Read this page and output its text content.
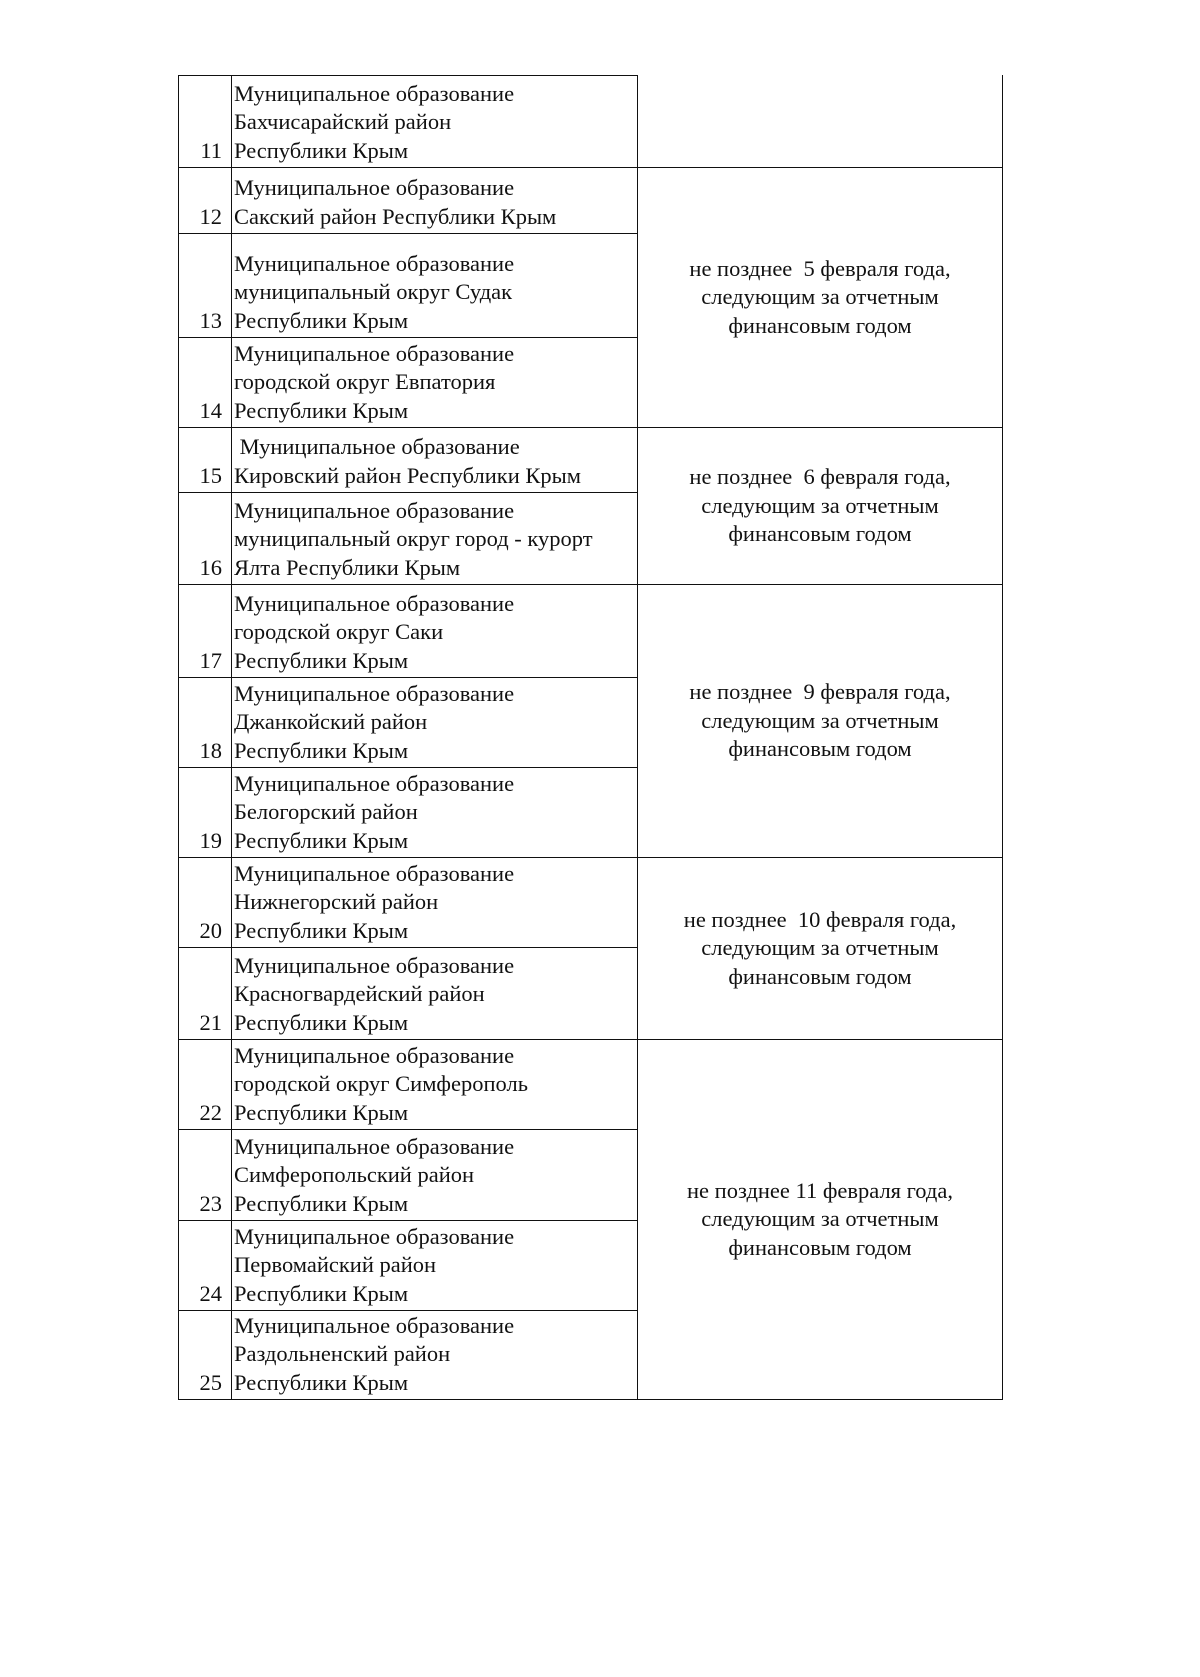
11
Муниципальное образование
Бахчисарайский район
Республики Крым
12
Муниципальное образование
Сакский район Республики Крым
13
Муниципальное образование
муниципальный округ Судак
Республики Крым
14
Муниципальное образование
городской округ Евпатория
Республики Крым
15
Муниципальное образование
Кировский район Республики Крым
16
Муниципальное образование
муниципальный округ город - курорт
Ялта Республики Крым
17
Муниципальное образование
городской округ Саки
Республики Крым
18
Муниципальное образование
Джанкойский район
Республики Крым
19
Муниципальное образование
Белогорский район
Республики Крым
20
Муниципальное образование
Нижнегорский район
Республики Крым
21
Муниципальное образование
Красногвардейский район
Республики Крым
22
Муниципальное образование
городской округ Симферополь
Республики Крым
23
Муниципальное образование
Симферопольский район
Республики Крым
24
Муниципальное образование
Первомайский район
Республики Крым
25
Муниципальное образование
Раздольненский район
Республики Крым
не позднее  5 февраля года,
следующим за отчетным
финансовым годом
не позднее  6 февраля года,
следующим за отчетным
финансовым годом
не позднее  9 февраля года,
следующим за отчетным
финансовым годом
не позднее  10 февраля года,
следующим за отчетным
финансовым годом
не позднее 11 февраля года,
следующим за отчетным
финансовым годом
